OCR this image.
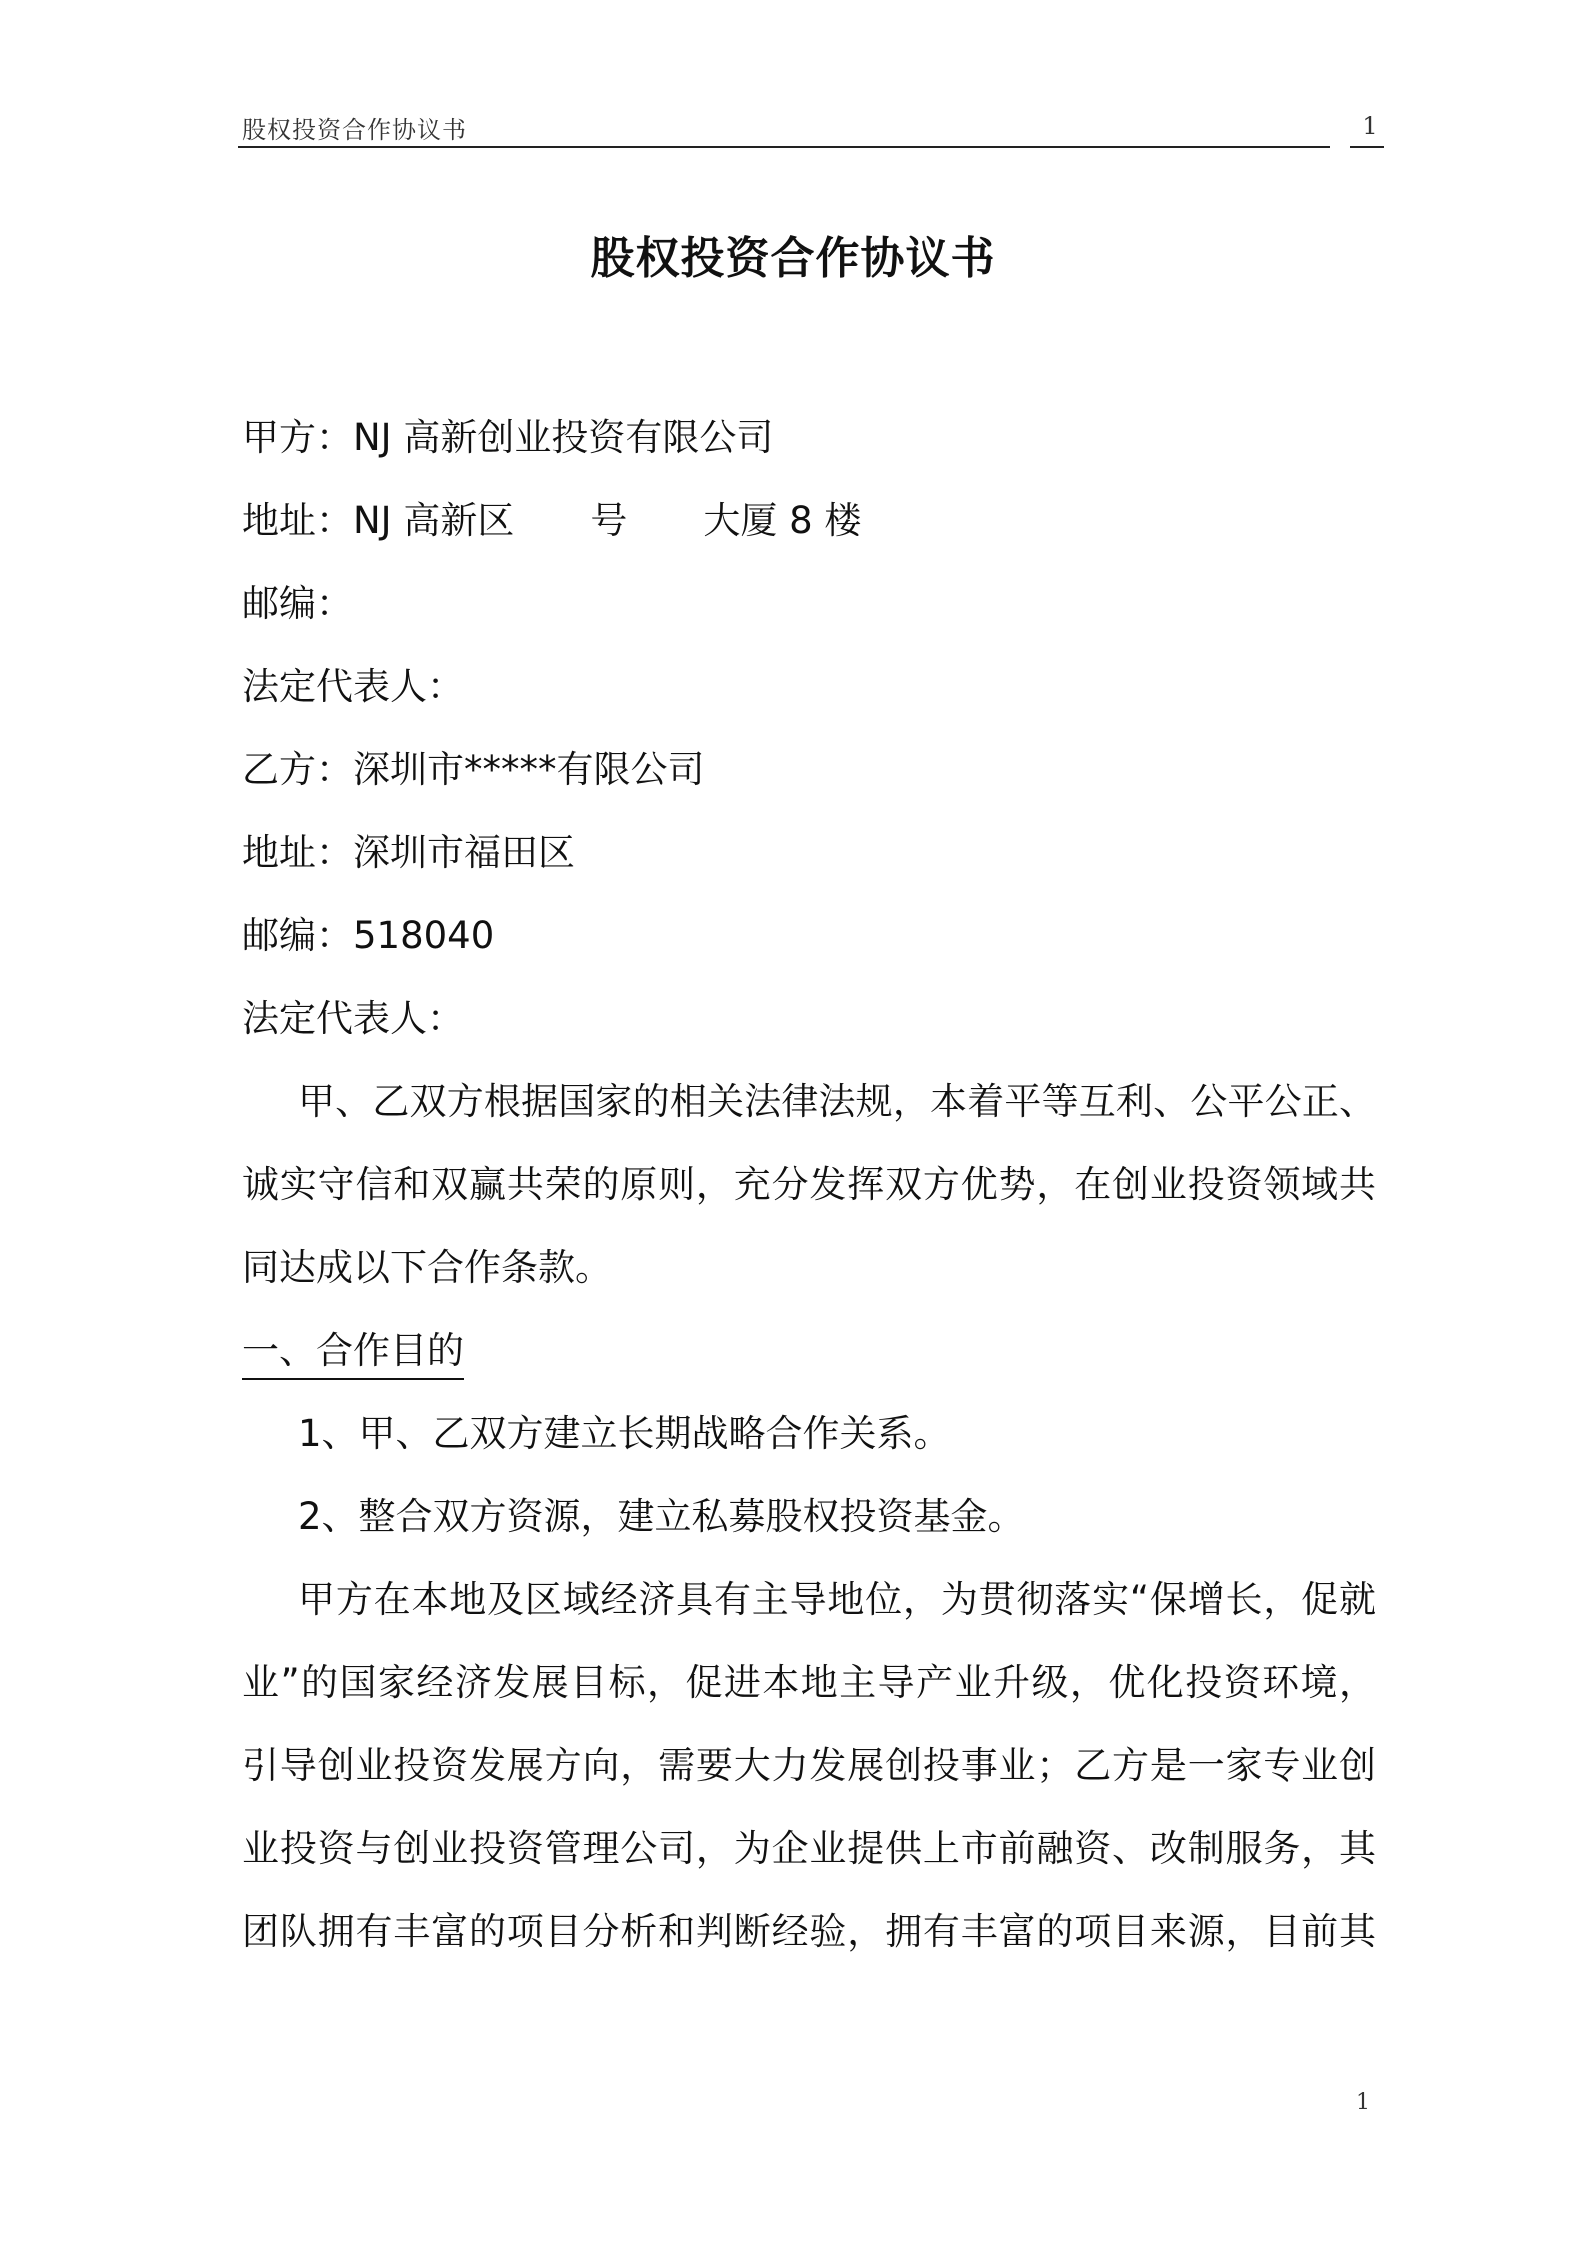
股权投资合作协议书	1
股权投资合作协议书
甲方：NJ 高新创业投资有限公司
地址：NJ 高新区 号 大厦 8 楼
邮编：
法定代表人：
乙方：深圳市*****有限公司
地址：深圳市福田区
邮编：518040
法定代表人：
甲、乙双方根据国家的相关法律法规，本着平等互利、公平公正、
诚实守信和双赢共荣的原则，充分发挥双方优势，在创业投资领域共
同达成以下合作条款。
一、合作目的
1、甲、乙双方建立长期战略合作关系。
2、整合双方资源，建立私募股权投资基金。
甲方在本地及区域经济具有主导地位，为贯彻落实“保增长，促就
业”的国家经济发展目标，促进本地主导产业升级，优化投资环境，
引导创业投资发展方向，需要大力发展创投事业；乙方是一家专业创
业投资与创业投资管理公司，为企业提供上市前融资、改制服务，其
团队拥有丰富的项目分析和判断经验，拥有丰富的项目来源，目前其
1
